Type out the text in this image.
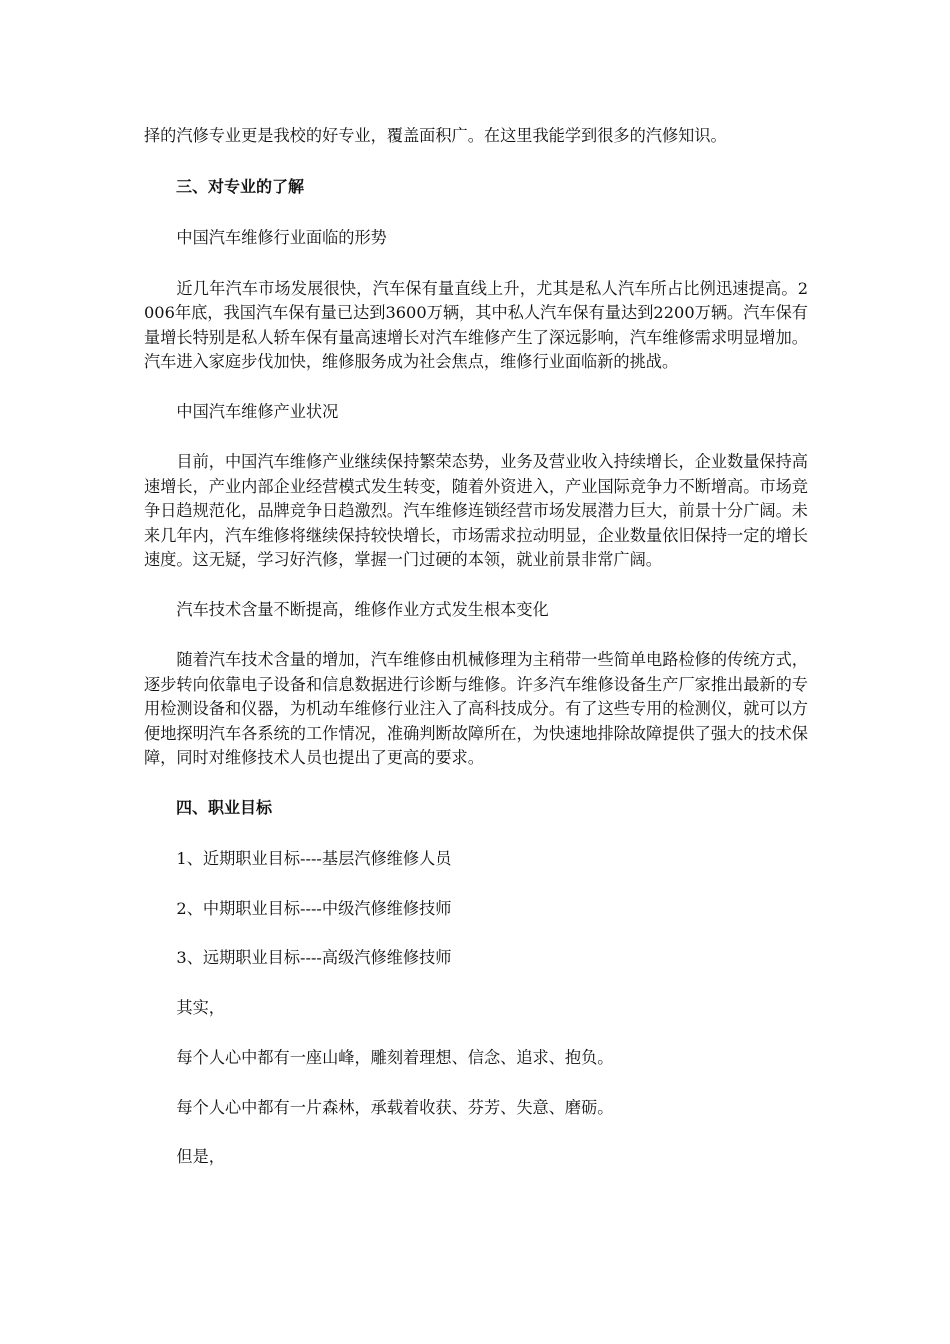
择的汽修专业更是我校的好专业，覆盖面积广。在这里我能学到很多的汽修知识。

三、对专业的了解

中国汽车维修行业面临的形势

近几年汽车市场发展很快，汽车保有量直线上升，尤其是私人汽车所占比例迅速提高。2006年底，我国汽车保有量已达到3600万辆，其中私人汽车保有量达到2200万辆。汽车保有量增长特别是私人轿车保有量高速增长对汽车维修产生了深远影响，汽车维修需求明显增加。汽车进入家庭步伐加快，维修服务成为社会焦点，维修行业面临新的挑战。

中国汽车维修产业状况

目前，中国汽车维修产业继续保持繁荣态势，业务及营业收入持续增长，企业数量保持高速增长，产业内部企业经营模式发生转变，随着外资进入，产业国际竞争力不断增高。市场竞争日趋规范化，品牌竞争日趋激烈。汽车维修连锁经营市场发展潜力巨大，前景十分广阔。未来几年内，汽车维修将继续保持较快增长，市场需求拉动明显，企业数量依旧保持一定的增长速度。这无疑，学习好汽修，掌握一门过硬的本领，就业前景非常广阔。

汽车技术含量不断提高，维修作业方式发生根本变化

随着汽车技术含量的增加，汽车维修由机械修理为主稍带一些简单电路检修的传统方式，逐步转向依靠电子设备和信息数据进行诊断与维修。许多汽车维修设备生产厂家推出最新的专用检测设备和仪器，为机动车维修行业注入了高科技成分。有了这些专用的检测仪，就可以方便地探明汽车各系统的工作情况，准确判断故障所在，为快速地排除故障提供了强大的技术保障，同时对维修技术人员也提出了更高的要求。

四、职业目标

1、近期职业目标----基层汽修维修人员

2、中期职业目标----中级汽修维修技师

3、远期职业目标----高级汽修维修技师

其实，

每个人心中都有一座山峰，雕刻着理想、信念、追求、抱负。

每个人心中都有一片森林，承载着收获、芬芳、失意、磨砺。

但是，
